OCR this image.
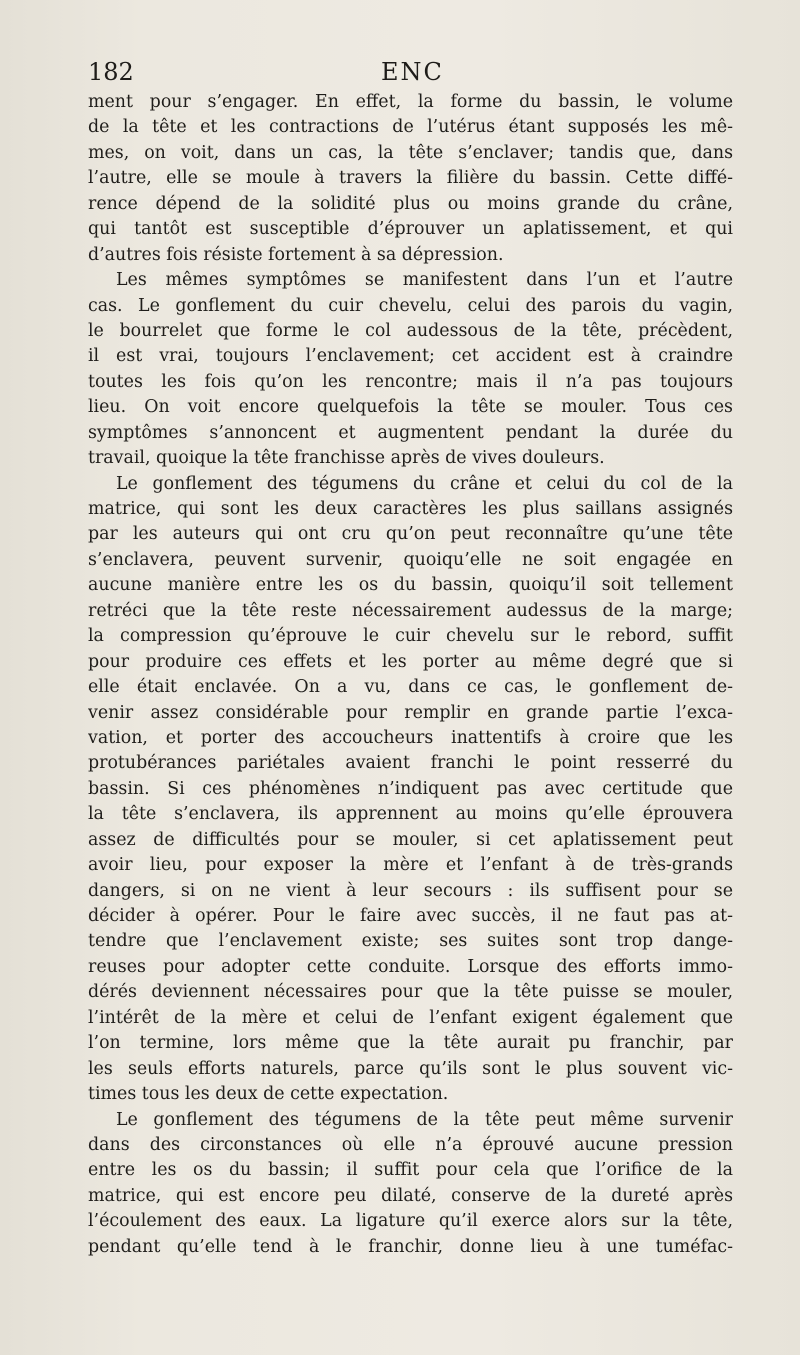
182	ENC
ment pour s’engager. En effet, la forme du bassin, le volume
de la tête et les contractions de l’utérus étant supposés les mê-
mes, on voit, dans un cas, la tête s’enclaver; tandis que, dans
l’autre, elle se moule à travers la filière du bassin. Cette diffé-
rence dépend de la solidité plus ou moins grande du crâne,
qui tantôt est susceptible d’éprouver un aplatissement, et qui
d’autres fois résiste fortement à sa dépression.
Les mêmes symptômes se manifestent dans l’un et l’autre
cas. Le gonflement du cuir chevelu, celui des parois du vagin,
le bourrelet que forme le col audessous de la tête, précèdent,
il est vrai, toujours l’enclavement; cet accident est à craindre
toutes les fois qu’on les rencontre; mais il n’a pas toujours
lieu. On voit encore quelquefois la tête se mouler. Tous ces
symptômes s’annoncent et augmentent pendant la durée du
travail, quoique la tête franchisse après de vives douleurs.
Le gonflement des tégumens du crâne et celui du col de la
matrice, qui sont les deux caractères les plus saillans assignés
par les auteurs qui ont cru qu’on peut reconnaître qu’une tête
s’enclavera, peuvent survenir, quoiqu’elle ne soit engagée en
aucune manière entre les os du bassin, quoiqu’il soit tellement
retréci que la tête reste nécessairement audessus de la marge;
la compression qu’éprouve le cuir chevelu sur le rebord, suffit
pour produire ces effets et les porter au même degré que si
elle était enclavée. On a vu, dans ce cas, le gonflement de-
venir assez considérable pour remplir en grande partie l’exca-
vation, et porter des accoucheurs inattentifs à croire que les
protubérances pariétales avaient franchi le point resserré du
bassin. Si ces phénomènes n’indiquent pas avec certitude que
la tête s’enclavera, ils apprennent au moins qu’elle éprouvera
assez de difficultés pour se mouler, si cet aplatissement peut
avoir lieu, pour exposer la mère et l’enfant à de très-grands
dangers, si on ne vient à leur secours : ils suffisent pour se
décider à opérer. Pour le faire avec succès, il ne faut pas at-
tendre que l’enclavement existe; ses suites sont trop dange-
reuses pour adopter cette conduite. Lorsque des efforts immo-
dérés deviennent nécessaires pour que la tête puisse se mouler,
l’intérêt de la mère et celui de l’enfant exigent également que
l’on termine, lors même que la tête aurait pu franchir, par
les seuls efforts naturels, parce qu’ils sont le plus souvent vic-
times tous les deux de cette expectation.
Le gonflement des tégumens de la tête peut même survenir
dans des circonstances où elle n’a éprouvé aucune pression
entre les os du bassin; il suffit pour cela que l’orifice de la
matrice, qui est encore peu dilaté, conserve de la dureté après
l’écoulement des eaux. La ligature qu’il exerce alors sur la tête,
pendant qu’elle tend à le franchir, donne lieu à une tuméfac-
